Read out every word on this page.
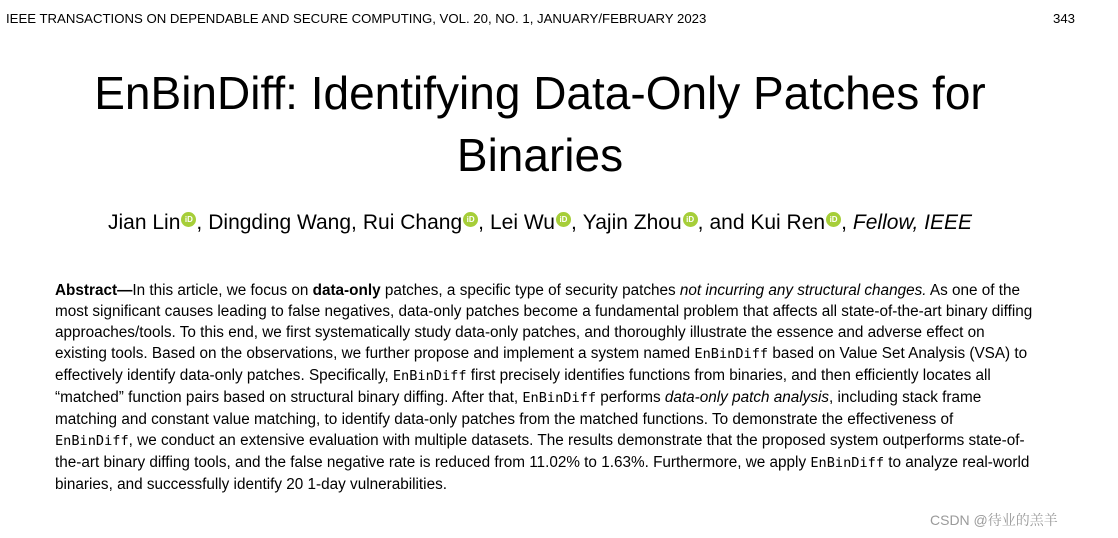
IEEE TRANSACTIONS ON DEPENDABLE AND SECURE COMPUTING, VOL. 20, NO. 1, JANUARY/FEBRUARY 2023	343
EnBinDiff: Identifying Data-Only Patches for
Binaries
Jian Lin iD , Dingding Wang, Rui Chang iD , Lei Wu iD , Yajin Zhou iD , and Kui Ren iD , Fellow, IEEE
Abstract—In this article, we focus on data-only patches, a specific type of security patches not incurring any structural changes. As one of the most significant causes leading to false negatives, data-only patches become a fundamental problem that affects all state-of-the-art binary diffing approaches/tools. To this end, we first systematically study data-only patches, and thoroughly illustrate the essence and adverse effect on existing tools. Based on the observations, we further propose and implement a system named EnBinDiff based on Value Set Analysis (VSA) to effectively identify data-only patches. Specifically, EnBinDiff first precisely identifies functions from binaries, and then efficiently locates all “matched” function pairs based on structural binary diffing. After that, EnBinDiff performs data-only patch analysis, including stack frame matching and constant value matching, to identify data-only patches from the matched functions. To demonstrate the effectiveness of EnBinDiff, we conduct an extensive evaluation with multiple datasets. The results demonstrate that the proposed system outperforms state-of-the-art binary diffing tools, and the false negative rate is reduced from 11.02% to 1.63%. Furthermore, we apply EnBinDiff to analyze real-world binaries, and successfully identify 20 1-day vulnerabilities.
CSDN @待业的羔羊
